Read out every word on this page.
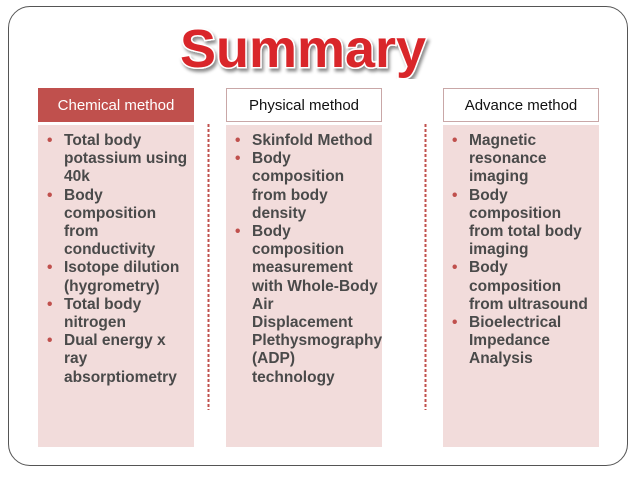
Summary
Chemical method
• Total body potassium using 40k
• Body composition from conductivity
• Isotope dilution (hygrometry)
• Total body nitrogen
• Dual energy x ray absorptiometry
Physical method
• Skinfold Method
• Body composition from body density
• Body composition measurement with Whole-Body Air Displacement Plethysmography (ADP) technology
Advance method
• Magnetic resonance imaging
• Body composition from total body imaging
• Body composition from ultrasound
• Bioelectrical Impedance Analysis
